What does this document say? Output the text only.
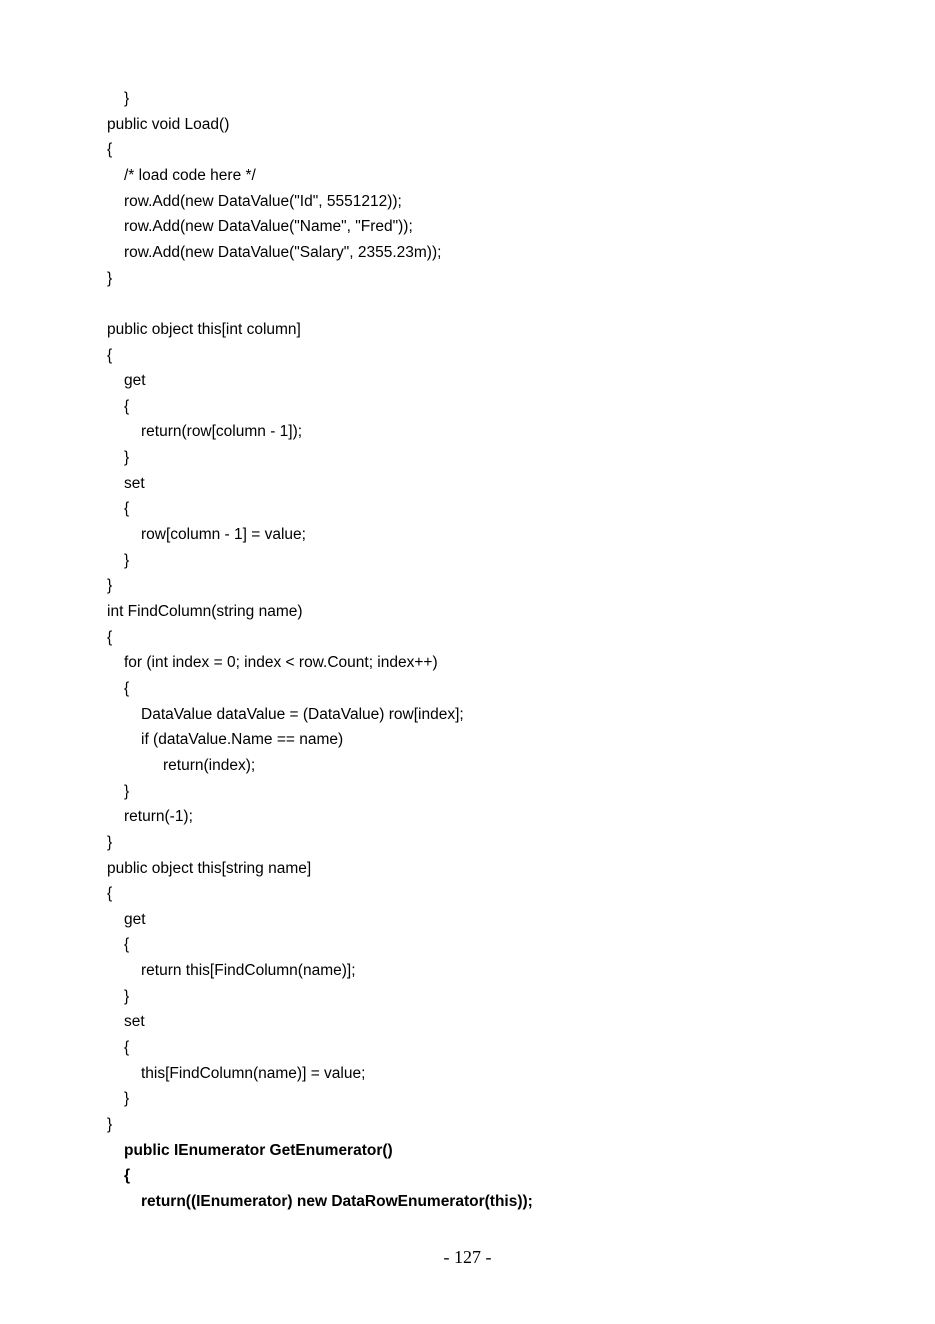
}
public void Load()
{
/* load code here */
row.Add(new DataValue("Id", 5551212));
row.Add(new DataValue("Name", "Fred"));
row.Add(new DataValue("Salary", 2355.23m));
}
public object this[int column]
{
get
{
return(row[column - 1]);
}
set
{
row[column - 1] = value;
}
}
int FindColumn(string name)
{
for (int index = 0; index < row.Count; index++)
{
DataValue dataValue = (DataValue) row[index];
if (dataValue.Name == name)
return(index);
}
return(-1);
}
public object this[string name]
{
get
{
return this[FindColumn(name)];
}
set
{
this[FindColumn(name)] = value;
}
}
public IEnumerator GetEnumerator()
{
return((IEnumerator) new DataRowEnumerator(this));
- 127 -
